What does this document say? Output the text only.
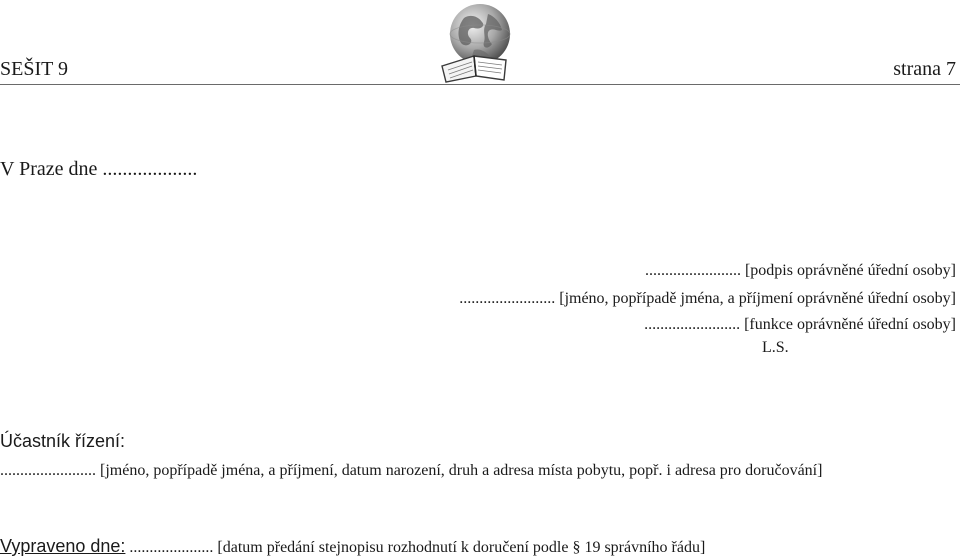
SEŠIT 9	strana 7
V Praze dne ...................
........................ [podpis oprávněné úřední osoby]
........................ [jméno, popřípadě jména, a příjmení oprávněné úřední osoby]
........................ [funkce oprávněné úřední osoby]
L.S.
Účastník řízení:
........................ [jméno, popřípadě jména, a příjmení, datum narození, druh a adresa místa pobytu, popř. i adresa pro doručování]
Vypraveno dne: ..................... [datum předání stejnopisu rozhodnutí k doručení podle § 19 správního řádu]
